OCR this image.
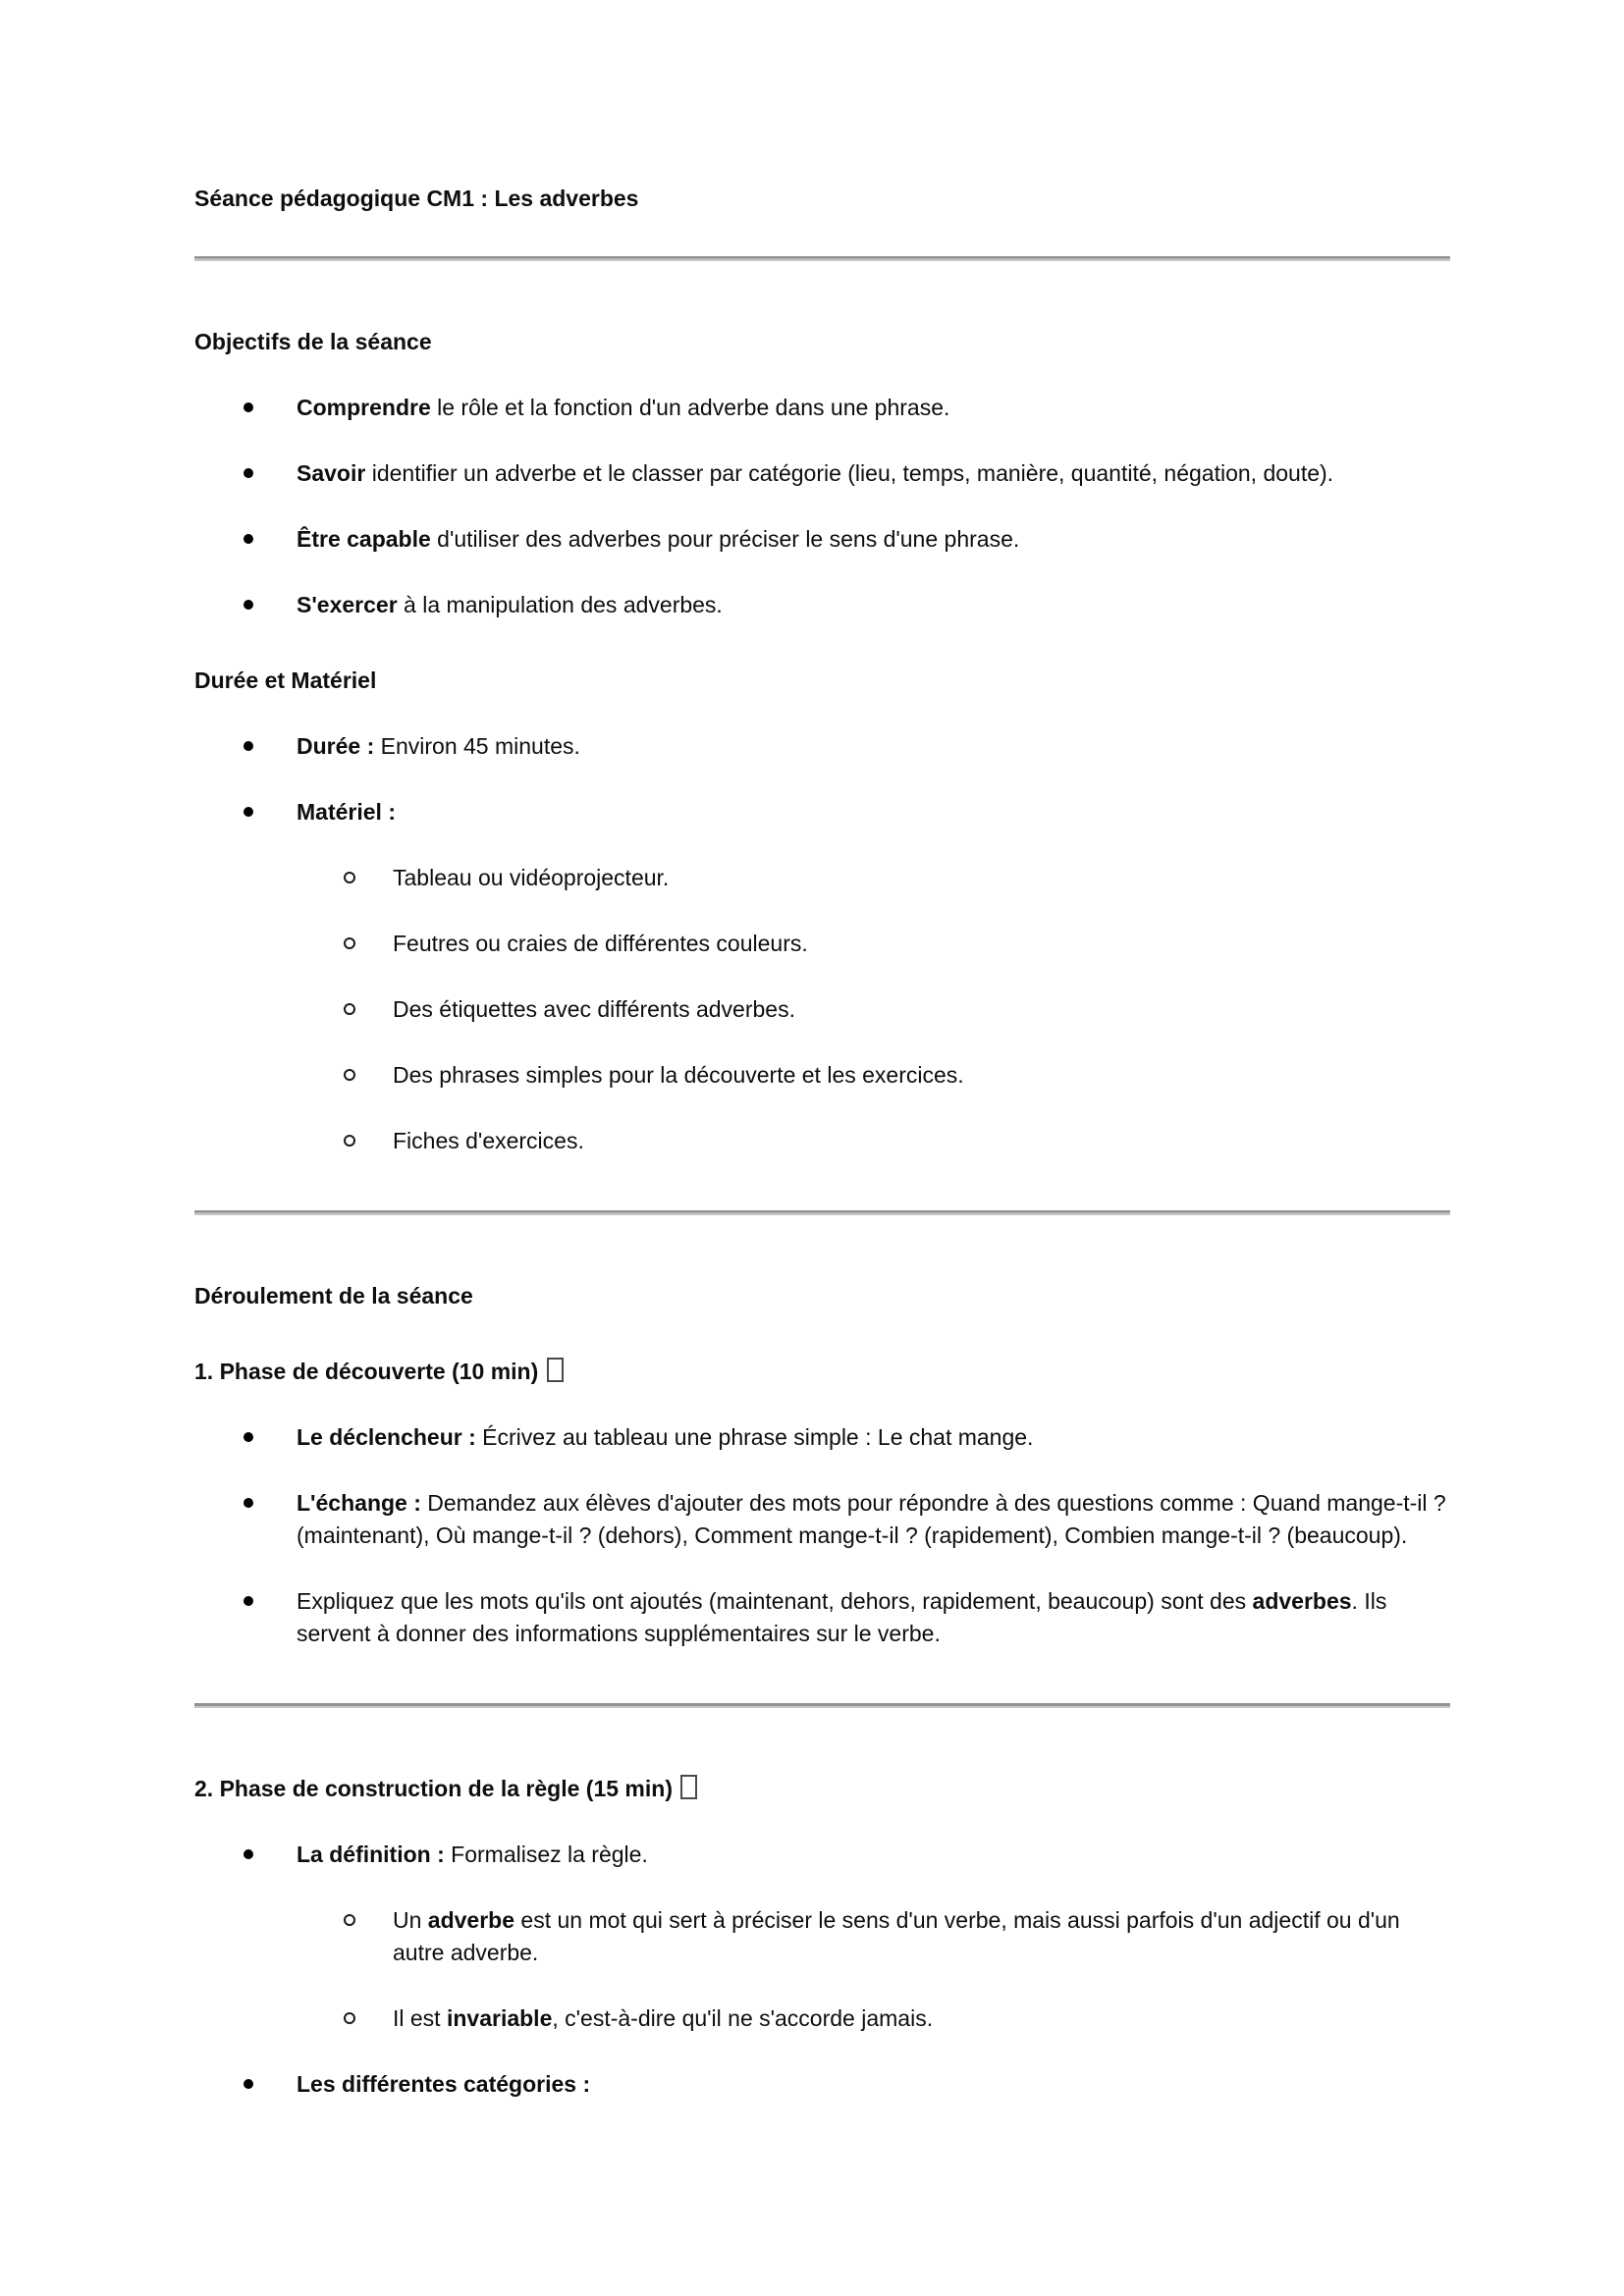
Séance pédagogique CM1 : Les adverbes
Objectifs de la séance
Comprendre le rôle et la fonction d'un adverbe dans une phrase.
Savoir identifier un adverbe et le classer par catégorie (lieu, temps, manière, quantité, négation, doute).
Être capable d'utiliser des adverbes pour préciser le sens d'une phrase.
S'exercer à la manipulation des adverbes.
Durée et Matériel
Durée : Environ 45 minutes.
Matériel :
Tableau ou vidéoprojecteur.
Feutres ou craies de différentes couleurs.
Des étiquettes avec différents adverbes.
Des phrases simples pour la découverte et les exercices.
Fiches d'exercices.
Déroulement de la séance
1. Phase de découverte (10 min)
Le déclencheur : Écrivez au tableau une phrase simple : Le chat mange.
L'échange : Demandez aux élèves d'ajouter des mots pour répondre à des questions comme : Quand mange-t-il ? (maintenant), Où mange-t-il ? (dehors), Comment mange-t-il ? (rapidement), Combien mange-t-il ? (beaucoup).
Expliquez que les mots qu'ils ont ajoutés (maintenant, dehors, rapidement, beaucoup) sont des adverbes. Ils servent à donner des informations supplémentaires sur le verbe.
2. Phase de construction de la règle (15 min)
La définition : Formalisez la règle.
Un adverbe est un mot qui sert à préciser le sens d'un verbe, mais aussi parfois d'un adjectif ou d'un autre adverbe.
Il est invariable, c'est-à-dire qu'il ne s'accorde jamais.
Les différentes catégories :
